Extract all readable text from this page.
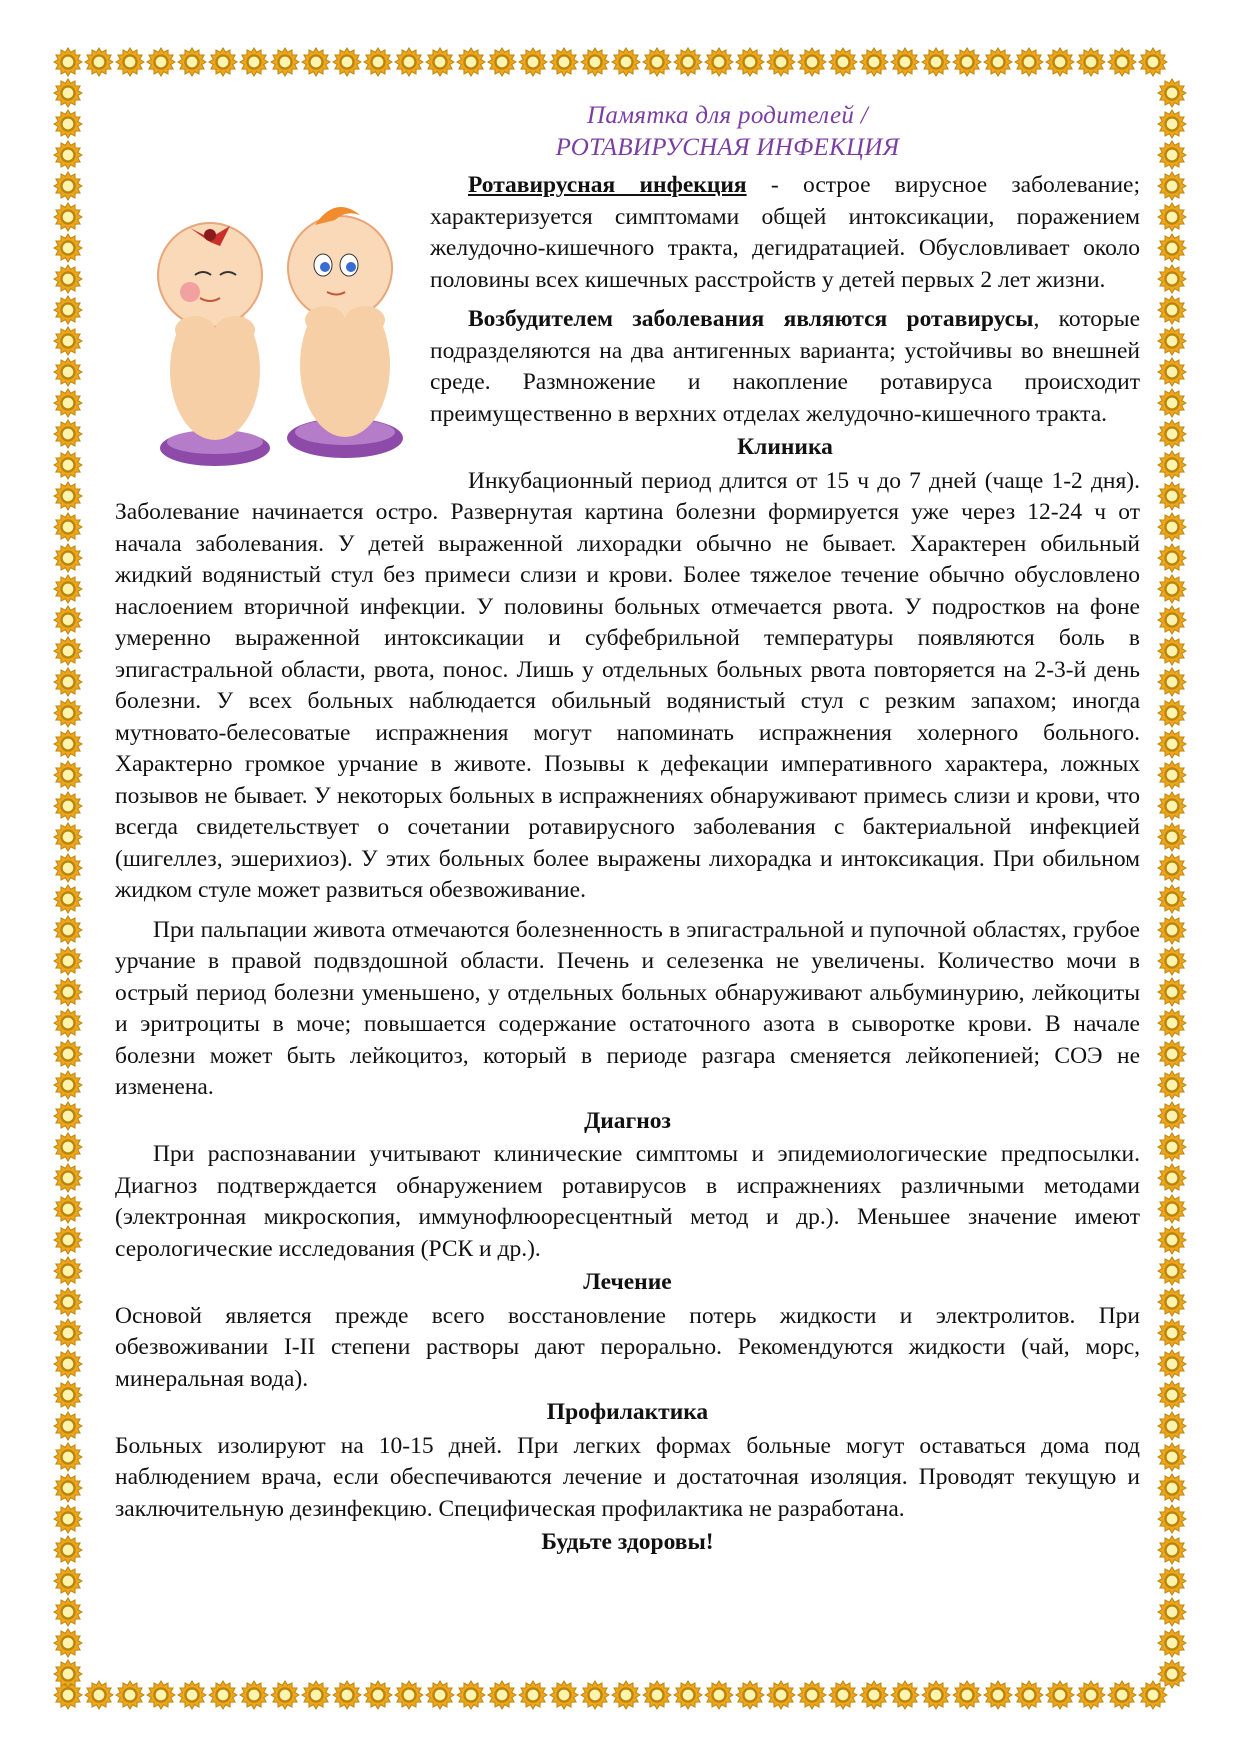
Памятка для родителей /
РОТАВИРУСНАЯ ИНФЕКЦИЯ

Ротавирусная инфекция - острое вирусное заболевание; характеризуется симптомами общей интоксикации, поражением желудочно-кишечного тракта, дегидратацией. Обусловливает около половины всех кишечных расстройств у детей первых 2 лет жизни.

Возбудителем заболевания являются ротавирусы, которые подразделяются на два антигенных варианта; устойчивы во внешней среде. Размножение и накопление ротавируса происходит преимущественно в верхних отделах желудочно-кишечного тракта.

Клиника

Инкубационный период длится от 15 ч до 7 дней (чаще 1-2 дня). Заболевание начинается остро. Развернутая картина болезни формируется уже через 12-24 ч от начала заболевания. У детей выраженной лихорадки обычно не бывает. Характерен обильный жидкий водянистый стул без примеси слизи и крови. Более тяжелое течение обычно обусловлено наслоением вторичной инфекции. У половины больных отмечается рвота. У подростков на фоне умеренно выраженной интоксикации и субфебрильной температуры появляются боль в эпигастральной области, рвота, понос. Лишь у отдельных больных рвота повторяется на 2-3-й день болезни. У всех больных наблюдается обильный водянистый стул с резким запахом; иногда мутновато-белесоватые испражнения могут напоминать испражнения холерного больного. Характерно громкое урчание в животе. Позывы к дефекации императивного характера, ложных позывов не бывает. У некоторых больных в испражнениях обнаруживают примесь слизи и крови, что всегда свидетельствует о сочетании ротавирусного заболевания с бактериальной инфекцией (шигеллез, эшерихиоз). У этих больных более выражены лихорадка и интоксикация. При обильном жидком стуле может развиться обезвоживание.

При пальпации живота отмечаются болезненность в эпигастральной и пупочной областях, грубое урчание в правой подвздошной области. Печень и селезенка не увеличены. Количество мочи в острый период болезни уменьшено, у отдельных больных обнаруживают альбуминурию, лейкоциты и эритроциты в моче; повышается содержание остаточного азота в сыворотке крови. В начале болезни может быть лейкоцитоз, который в периоде разгара сменяется лейкопенией; СОЭ не изменена.

Диагноз

При распознавании учитывают клинические симптомы и эпидемиологические предпосылки. Диагноз подтверждается обнаружением ротавирусов в испражнениях различными методами (электронная микроскопия, иммунофлюоресцентный метод и др.). Меньшее значение имеют серологические исследования (РСК и др.).

Лечение

Основой является прежде всего восстановление потерь жидкости и электролитов. При обезвоживании I-II степени растворы дают перорально. Рекомендуются жидкости (чай, морс, минеральная вода).

Профилактика

Больных изолируют на 10-15 дней. При легких формах больные могут оставаться дома под наблюдением врача, если обеспечиваются лечение и достаточная изоляция. Проводят текущую и заключительную дезинфекцию. Специфическая профилактика не разработана.

Будьте здоровы!
